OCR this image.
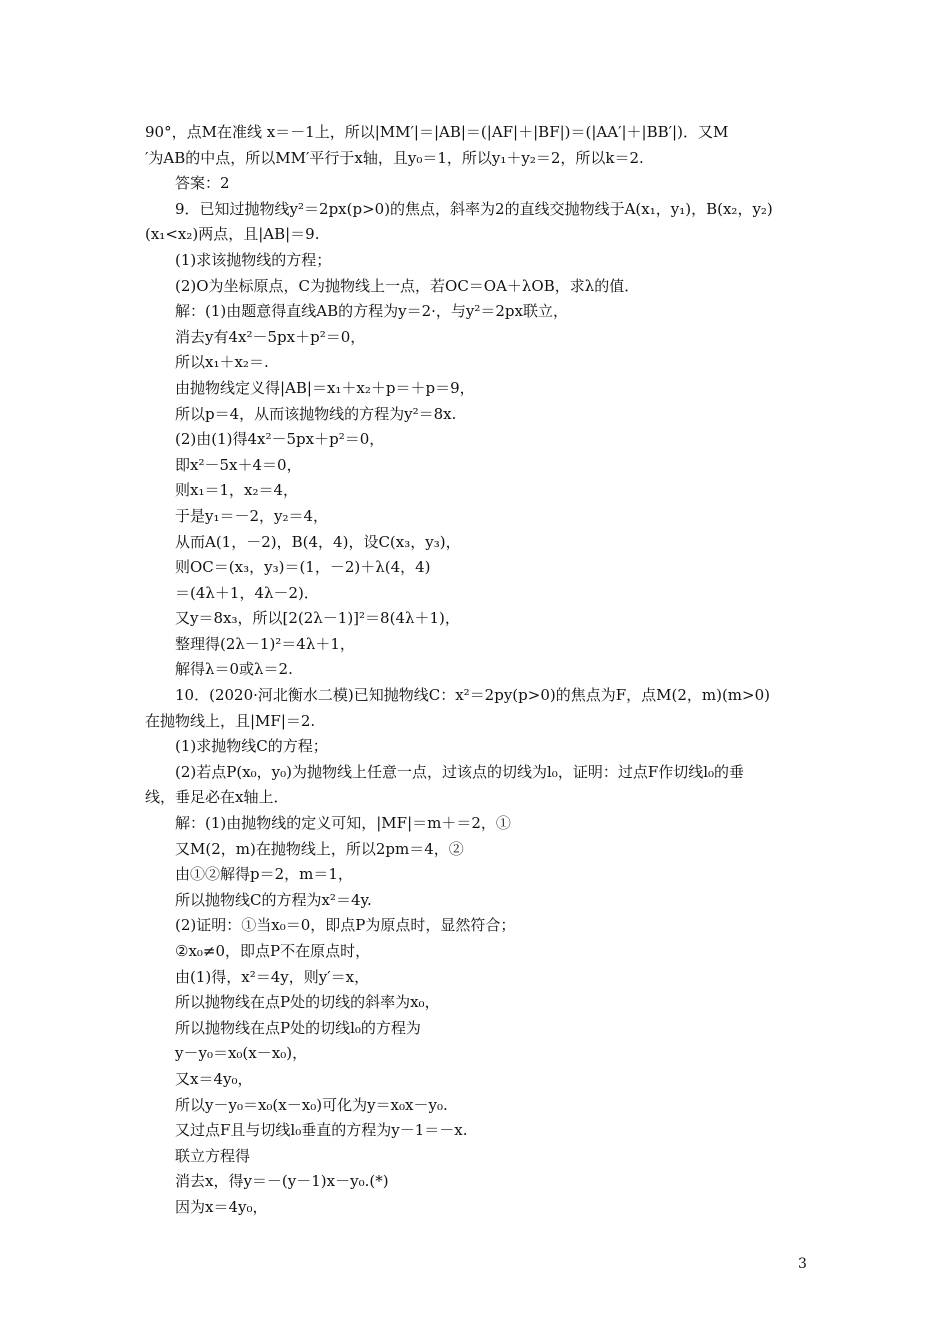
90°，点M在准线 x＝－1上，所以|MM′|＝|AB|＝(|AF|＋|BF|)＝(|AA′|＋|BB′|)．又M
′为AB的中点，所以MM′平行于x轴，且y₀＝1，所以y₁＋y₂＝2，所以k＝2.
答案：2
9．已知过抛物线y²＝2px(p>0)的焦点，斜率为2的直线交抛物线于A(x₁，y₁)，B(x₂，y₂)
(x₁<x₂)两点，且|AB|＝9.
(1)求该抛物线的方程；
(2)O为坐标原点，C为抛物线上一点，若OC＝OA＋λOB，求λ的值．
解：(1)由题意得直线AB的方程为y＝2·，与y²＝2px联立，
消去y有4x²－5px＋p²＝0，
所以x₁＋x₂＝.
由抛物线定义得|AB|＝x₁＋x₂＋p＝＋p＝9，
所以p＝4，从而该抛物线的方程为y²＝8x.
(2)由(1)得4x²－5px＋p²＝0，
即x²－5x＋4＝0，
则x₁＝1，x₂＝4，
于是y₁＝－2，y₂＝4，
从而A(1，－2)，B(4，4)，设C(x₃，y₃)，
则OC＝(x₃，y₃)＝(1，－2)＋λ(4，4)
＝(4λ＋1，4λ－2)．
又y＝8x₃，所以[2(2λ－1)]²＝8(4λ＋1)，
整理得(2λ－1)²＝4λ＋1，
解得λ＝0或λ＝2.
10．(2020·河北衡水二模)已知抛物线C：x²＝2py(p>0)的焦点为F，点M(2，m)(m>0)
在抛物线上，且|MF|＝2.
(1)求抛物线C的方程；
(2)若点P(x₀，y₀)为抛物线上任意一点，过该点的切线为l₀，证明：过点F作切线l₀的垂
线，垂足必在x轴上．
解：(1)由抛物线的定义可知，|MF|＝m＋＝2，①
又M(2，m)在抛物线上，所以2pm＝4，②
由①②解得p＝2，m＝1，
所以抛物线C的方程为x²＝4y.
(2)证明：①当x₀＝0，即点P为原点时，显然符合；
②x₀≠0，即点P不在原点时，
由(1)得，x²＝4y，则y′＝x，
所以抛物线在点P处的切线的斜率为x₀，
所以抛物线在点P处的切线l₀的方程为
y－y₀＝x₀(x－x₀)，
又x＝4y₀，
所以y－y₀＝x₀(x－x₀)可化为y＝x₀x－y₀.
又过点F且与切线l₀垂直的方程为y－1＝－x.
联立方程得
消去x，得y＝－(y－1)x－y₀.(*)
因为x＝4y₀，
3
